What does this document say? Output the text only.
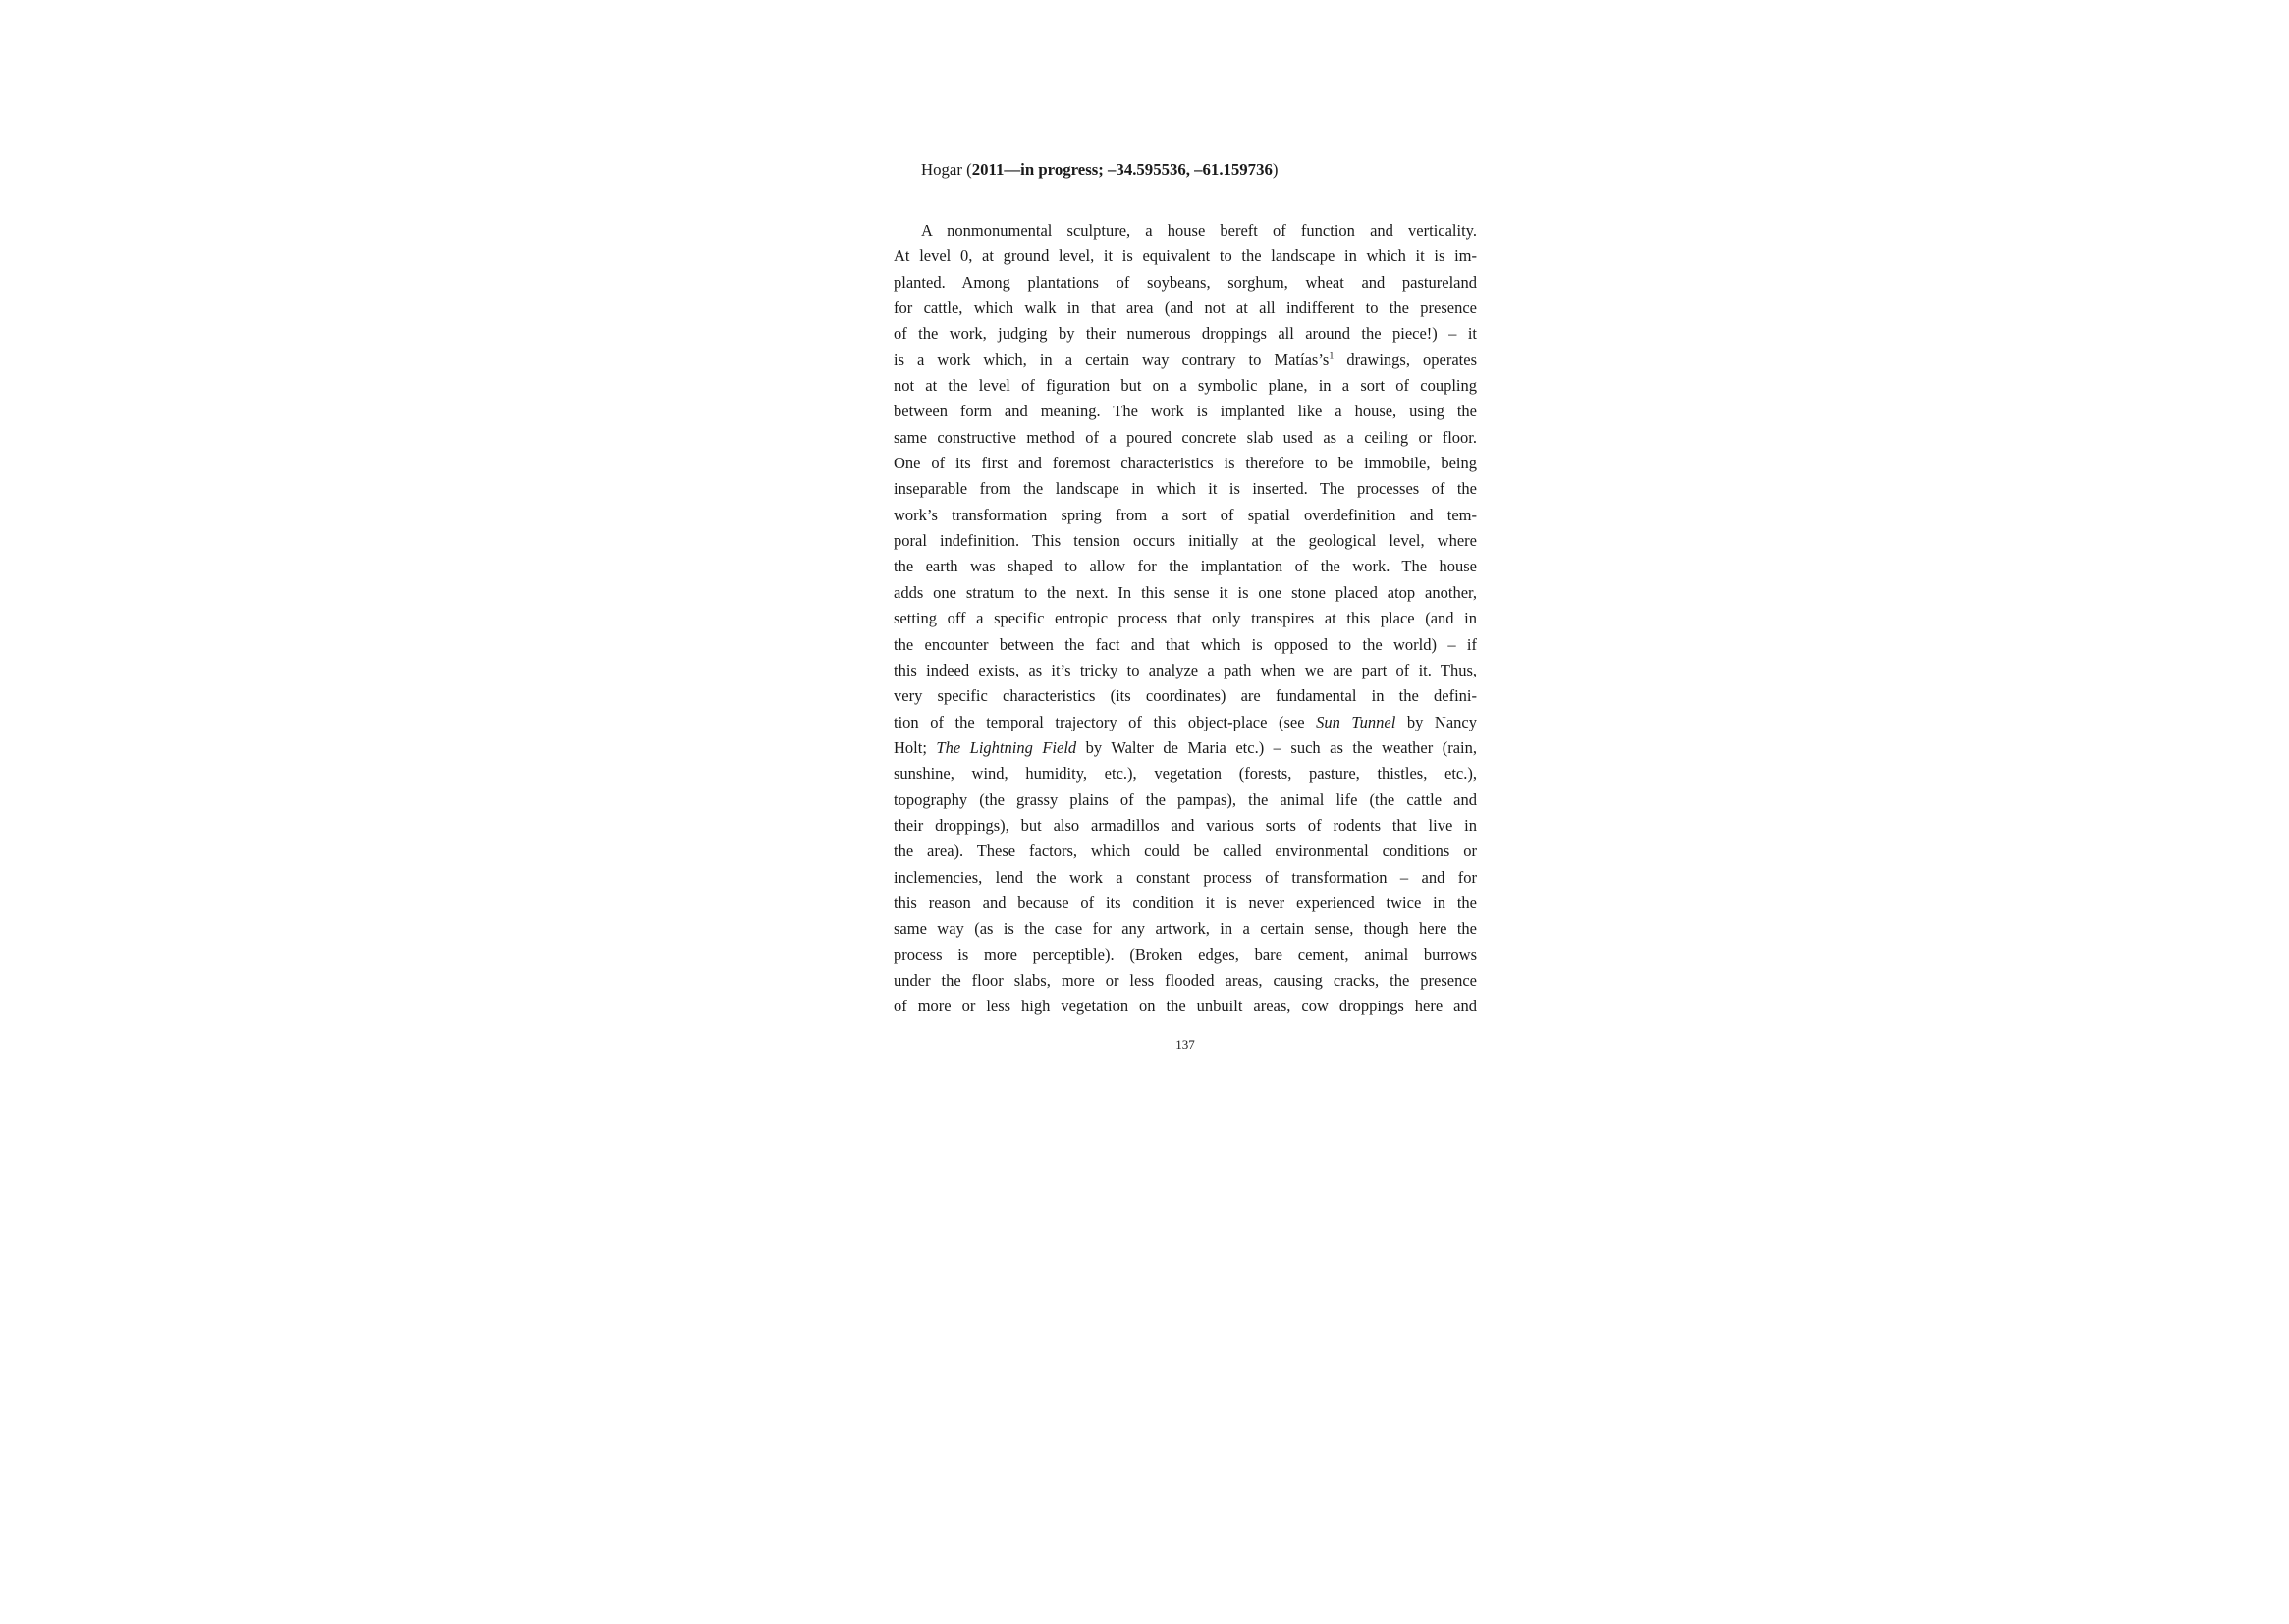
Hogar (2011—in progress; –34.595536, –61.159736)
A nonmonumental sculpture, a house bereft of function and verticality.
At level 0, at ground level, it is equivalent to the landscape in which it is im-
planted. Among plantations of soybeans, sorghum, wheat and pastureland
for cattle, which walk in that area (and not at all indifferent to the presence
of the work, judging by their numerous droppings all around the piece!) – it
is a work which, in a certain way contrary to $Matías’s^1$ drawings, operates
not at the level of figuration but on a symbolic plane, in a sort of coupling
between form and meaning. The work is implanted like a house, using the
same constructive method of a poured concrete slab used as a ceiling or floor.
One of its first and foremost characteristics is therefore to be immobile, being
inseparable from the landscape in which it is inserted. The processes of the
work’s transformation spring from a sort of spatial overdefinition and tem-
poral indefinition. This tension occurs initially at the geological level, where
the earth was shaped to allow for the implantation of the work. The house
adds one stratum to the next. In this sense it is one stone placed atop another,
setting off a specific entropic process that only transpires at this place (and in
the encounter between the fact and that which is opposed to the world) – if
this indeed exists, as it’s tricky to analyze a path when we are part of it. Thus,
very specific characteristics (its coordinates) are fundamental in the defini-
tion of the temporal trajectory of this object-place (see Sun Tunnel by Nancy
Holt; The Lightning Field by Walter de Maria etc.) – such as the weather (rain,
sunshine, wind, humidity, etc.), vegetation (forests, pasture, thistles, etc.),
topography (the grassy plains of the pampas), the animal life (the cattle and
their droppings), but also armadillos and various sorts of rodents that live in
the area). These factors, which could be called environmental conditions or
inclemencies, lend the work a constant process of transformation – and for
this reason and because of its condition it is never experienced twice in the
same way (as is the case for any artwork, in a certain sense, though here the
process is more perceptible). (Broken edges, bare cement, animal burrows
under the floor slabs, more or less flooded areas, causing cracks, the presence
of more or less high vegetation on the unbuilt areas, cow droppings here and
137
